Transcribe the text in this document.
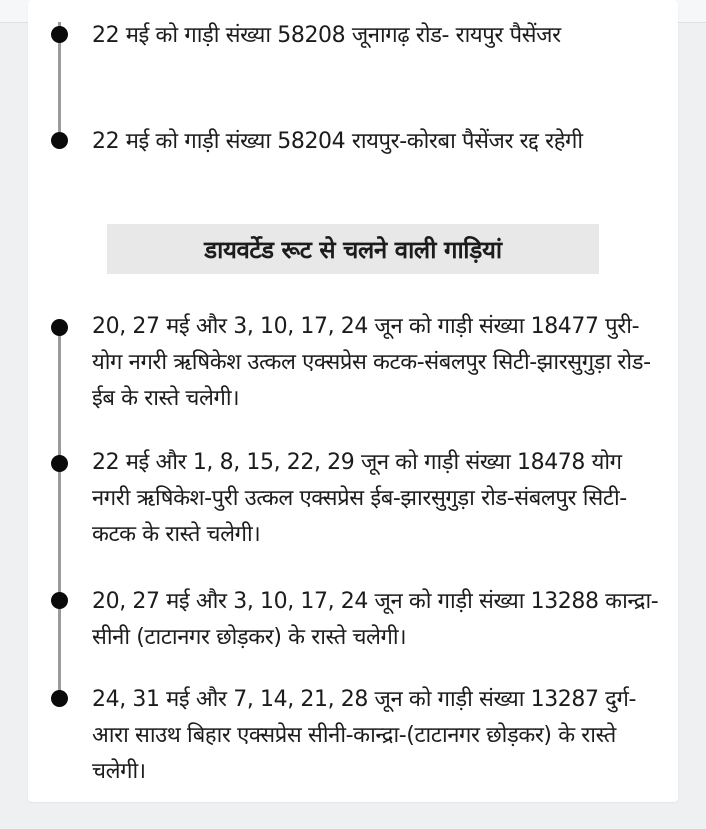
22 मई को गाड़ी संख्या 58208 जूनागढ़ रोड- रायपुर पैसेंजर
22 मई को गाड़ी संख्या 58204 रायपुर-कोरबा पैसेंजर रद्द रहेगी
डायवर्टेड रूट से चलने वाली गाड़ियां
20, 27 मई और 3, 10, 17, 24 जून को गाड़ी संख्या 18477 पुरी-योग नगरी ऋषिकेश उत्कल एक्सप्रेस कटक-संबलपुर सिटी-झारसुगुड़ा रोड-ईब के रास्ते चलेगी।
22 मई और 1, 8, 15, 22, 29 जून को गाड़ी संख्या 18478 योग नगरी ऋषिकेश-पुरी उत्कल एक्सप्रेस ईब-झारसुगुड़ा रोड-संबलपुर सिटी-कटक के रास्ते चलेगी।
20, 27 मई और 3, 10, 17, 24 जून को गाड़ी संख्या 13288 कान्द्रा-सीनी (टाटानगर छोड़कर) के रास्ते चलेगी।
24, 31 मई और 7, 14, 21, 28 जून को गाड़ी संख्या 13287 दुर्ग-आरा साउथ बिहार एक्सप्रेस सीनी-कान्द्रा-(टाटानगर छोड़कर) के रास्ते चलेगी।
